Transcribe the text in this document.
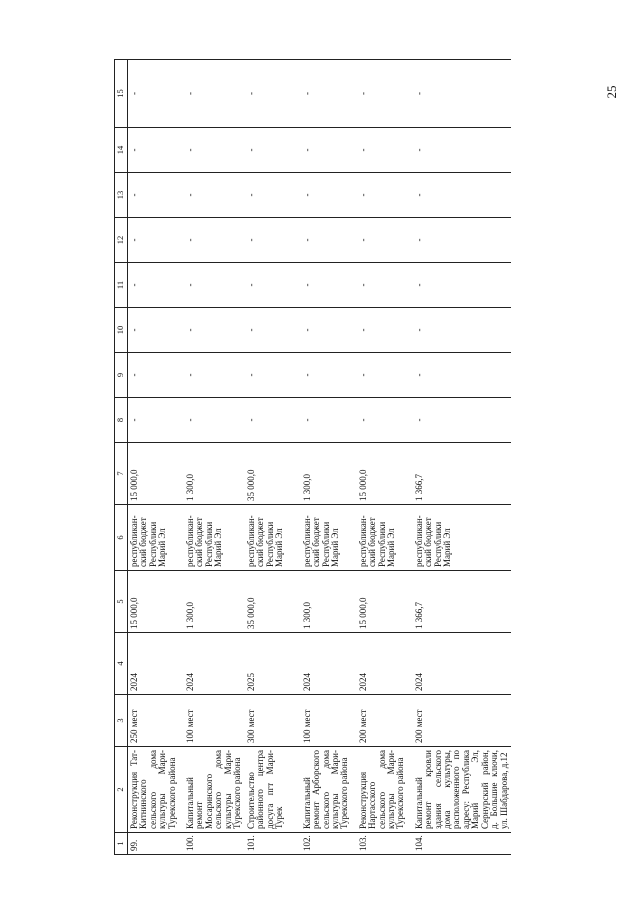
25
1	2	3	4	5	6	7	8	9	10	11	12	13	14	15
99.	Реконструкция Тат-Китнинского сельского дома культуры Мари-Турекского района	250 мест	2024	15 000,0	республикан-ский бюджет Республики Марий Эл	15 000,0	-	-	-	-	-	-	-	-
100.	Капитальный ремонт Мосаринского сельского дома культуры Мари-Турекского района	100 мест	2024	1 300,0	республикан-ский бюджет Республики Марий Эл	1 300,0	-	-	-	-	-	-	-	-
101.	Строительство районного центра досуга пгт Мари-Турек	300 мест	2025	35 000,0	республикан-ский бюджет Республики Марий Эл	35 000,0	-	-	-	-	-	-	-	-
102.	Капитальный ремонт Арборского сельского дома культуры Мари-Турекского района	100 мест	2024	1 300,0	республикан-ский бюджет Республики Марий Эл	1 300,0	-	-	-	-	-	-	-	-
103.	Реконструкция Нартасского сельского дома культуры Мари-Турекского района	200 мест	2024	15 000,0	республикан-ский бюджет Республики Марий Эл	15 000,0	-	-	-	-	-	-	-	-
104.	Капитальный ремонт кровли здания сельского дома культуры, расположенного по адресу: Республика Марий Эл, Сернурский район, д. Большие ключи, ул. Шабдарова, д.12	200 мест	2024	1 366,7	республикан-ский бюджет Республики Марий Эл	1 366,7	-	-	-	-	-	-	-	-
